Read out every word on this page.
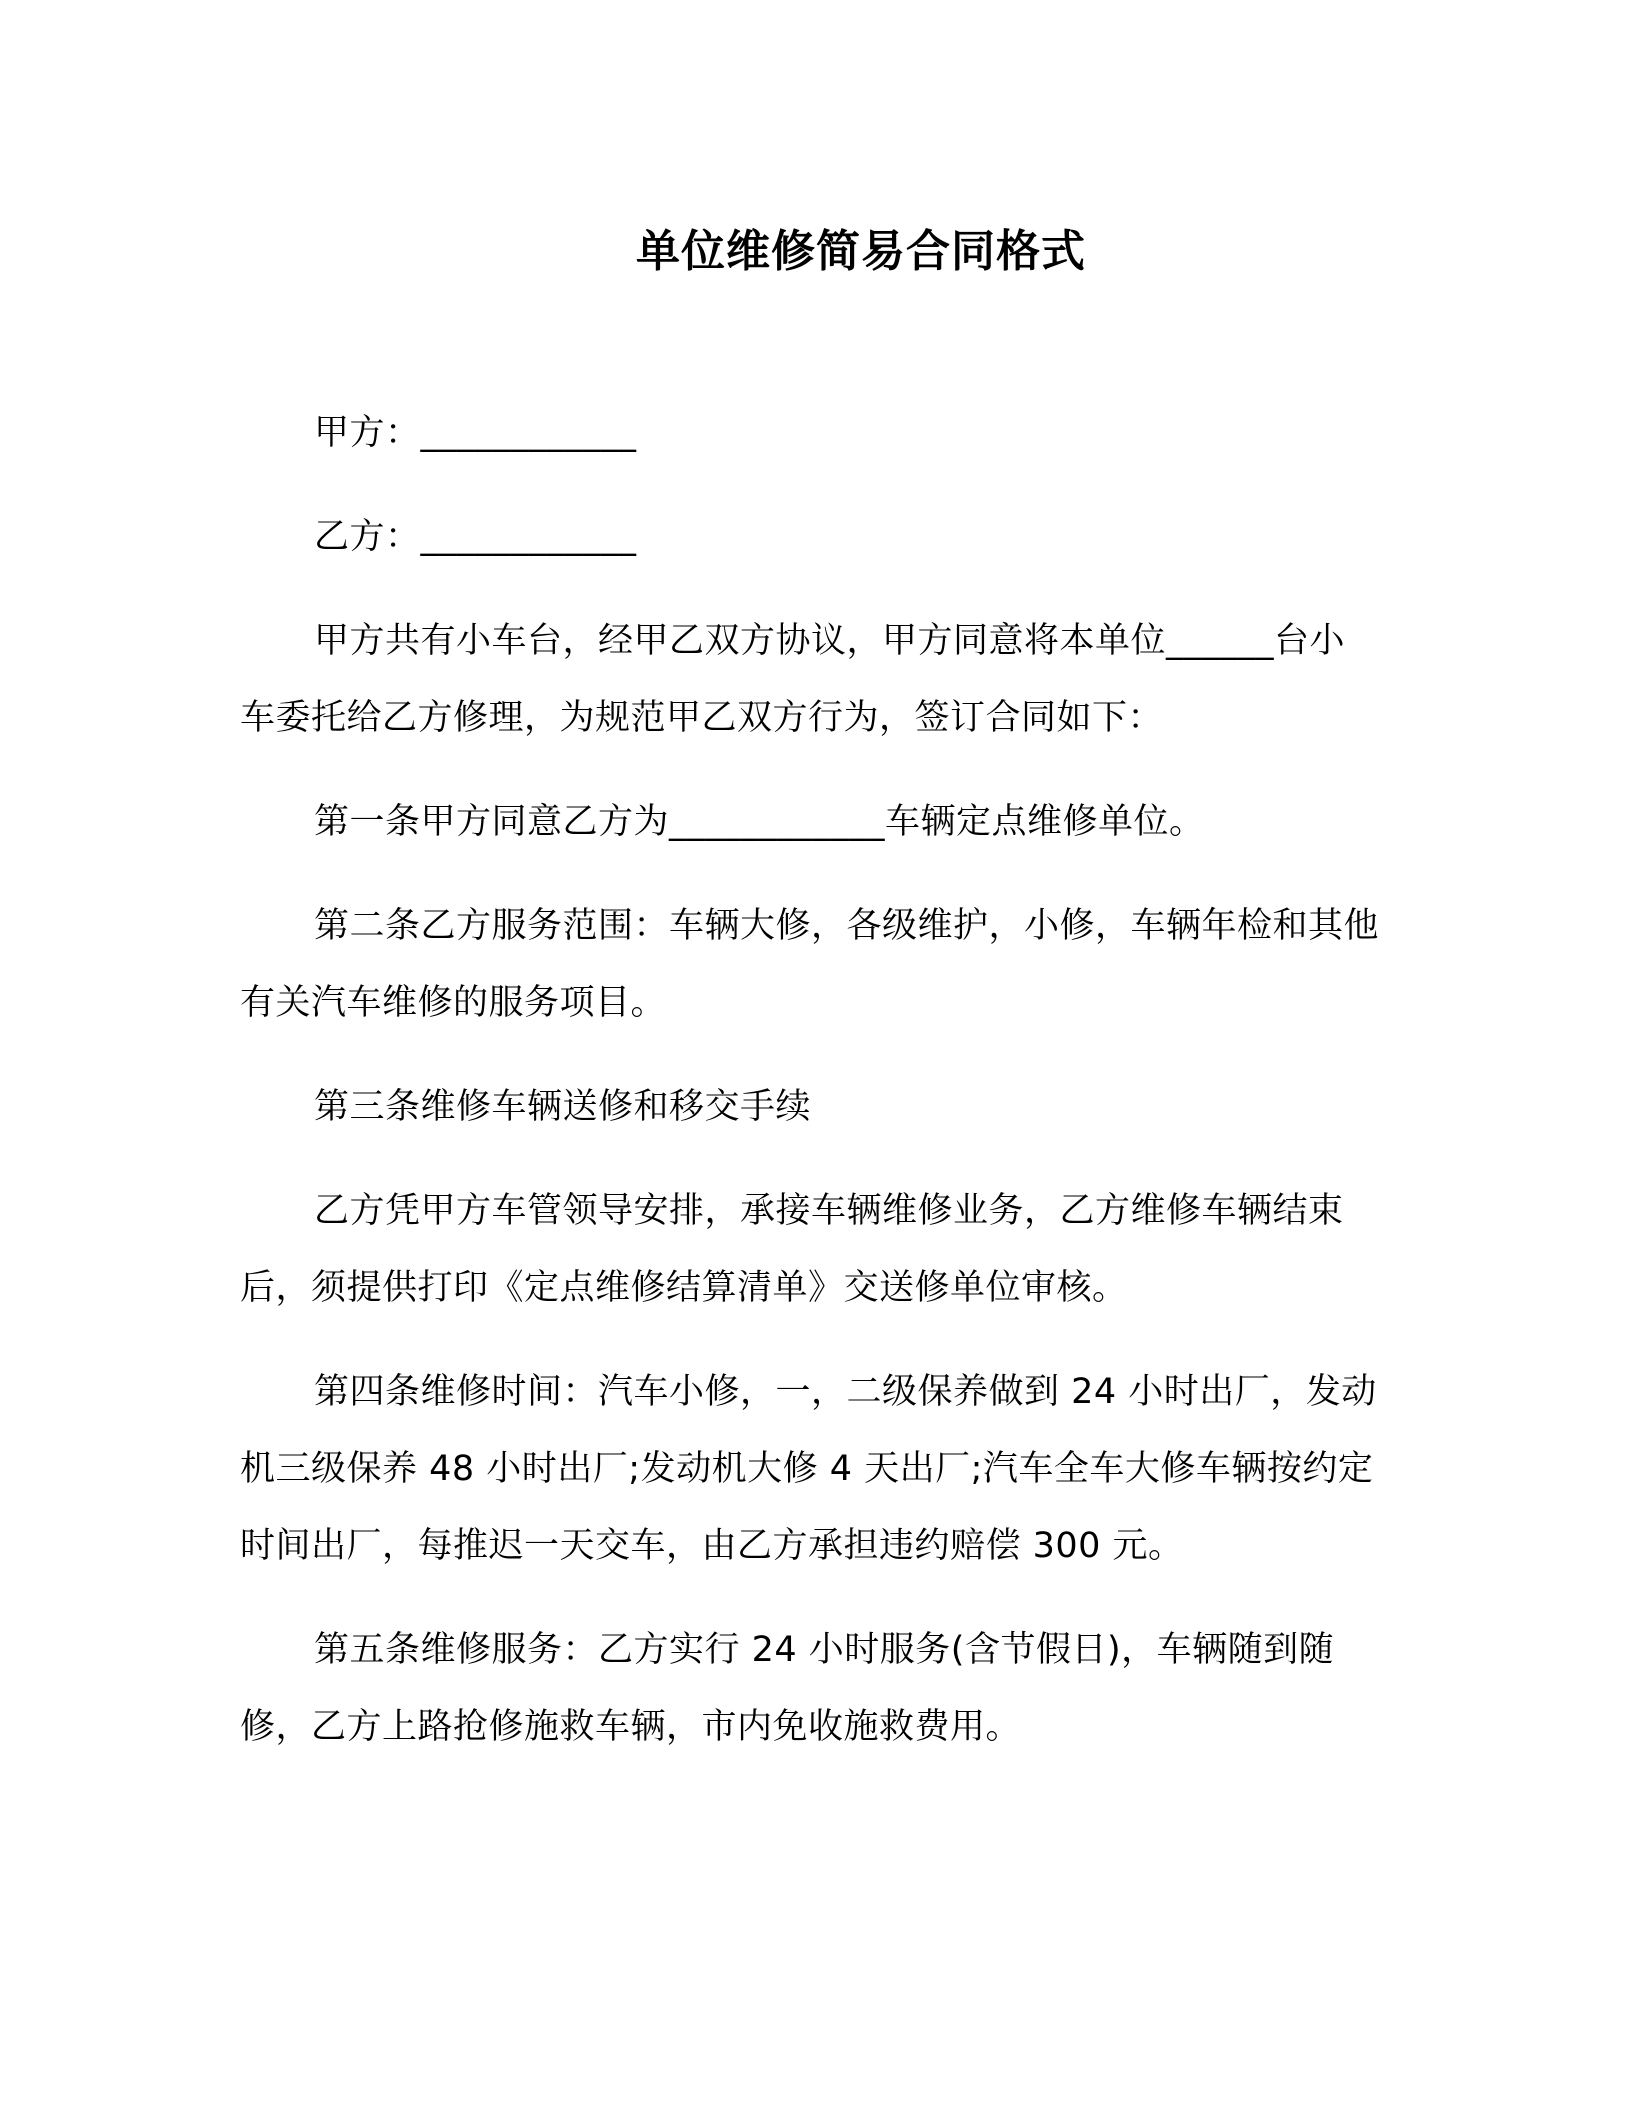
单位维修简易合同格式

甲方：____________

乙方：____________

甲方共有小车台，经甲乙双方协议，甲方同意将本单位______台小车委托给乙方修理，为规范甲乙双方行为，签订合同如下：

第一条甲方同意乙方为____________车辆定点维修单位。

第二条乙方服务范围：车辆大修，各级维护，小修，车辆年检和其他有关汽车维修的服务项目。

第三条维修车辆送修和移交手续

乙方凭甲方车管领导安排，承接车辆维修业务，乙方维修车辆结束后，须提供打印《定点维修结算清单》交送修单位审核。

第四条维修时间：汽车小修，一，二级保养做到 24 小时出厂，发动机三级保养 48 小时出厂;发动机大修 4 天出厂;汽车全车大修车辆按约定时间出厂，每推迟一天交车，由乙方承担违约赔偿 300 元。

第五条维修服务：乙方实行 24 小时服务(含节假日)，车辆随到随修，乙方上路抢修施救车辆，市内免收施救费用。
